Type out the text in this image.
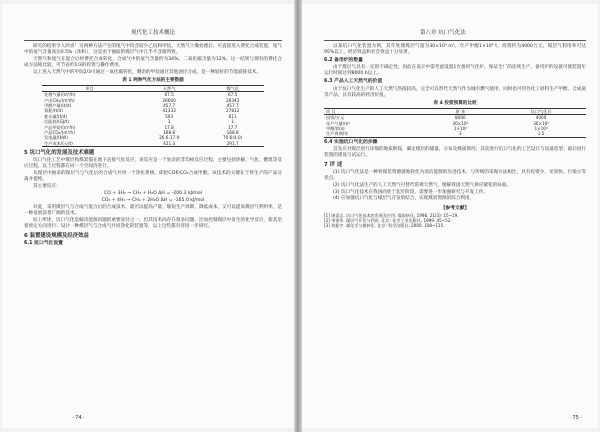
现代化工技术概论

研究的结果令人欣喜！这两种方法产生的尾气中均含较少乙烷和甲烷，天然气干燥处理后，可直接进入费托合成装置，尾气中的氢气含量高达0.5%（体积），这是由于抽取的煤层气中几乎不含硫所致。

天然气和尾气在混合后经费托合成转化，合成气中的氢气含量约为34%，二氧化碳含量为12%，这一结果与现有的费托合成方法相比较，可节省约1/3的投资与操作费用。

以上进入天然气中的甲烷2/3可通过一氧化碳转化，剩余的甲烷通过其他途径合成，是一种较好的节能减排技术。

表 1 两种气化方法的主要数据
项目	天然气	煤气化
处理气量/(m³/h)	67.5	67.5
产出CH₄/(m³/h)	26600	26343
甲醇产量/(t/d)	457.7	457.7
氧耗/(t/d)	41333	27812
耗水量/(t/d)	503	611
比能耗/(GJ/t)	1	1
产品甲烷/(m³/h)	17.8	17.7
产品CO₂/(m³/h)	168.8	168.8
发电量/(kW)	26.6,17.9	70.6(4.0)
生产成本/(元/t)	421.3	291.7
5 坑口气化的发展及技术难题

坑口气化工艺中煤层和煤炭都在地下直接气化反应，该反应是一个复杂的非均相反应过程，主要包括热解、气化、燃烧等反应过程，以上过程都在同一个空间内进行。

从煤层中抽采的煤层气与气化后的合成气共用一个净化系统，即把CO和CO₂合成甲醇。该技术的关键在于将生产的产品分离并提纯。

其主要反应：

CO + 3H₂ → CH₄ + H₂O ΔH = -206.3 kJ/mol
CO₂ + 4H₂ → CH₄ + 2H₂O ΔH = -165.0 kJ/mol

对此，采用煤层气与合成气混合后的合成技术，就可以提高产量，缩短生产周期、降低成本，又可以提高煤层气利用率，是一种发展前景广阔的技术。

综上所述，坑口气化是解决能源问题的重要途径之一，但其技术尚存在很多问题，比如控制煤层中发生的化学反应，使其沿着预定方向进行；设计一种煤层气与合成气共同净化的装置等，以上这些都有待进一步研究。

6 装置建设规模及经济效益
6.1 坑口气化设置
· 74 ·
第八章 坑口气化法

以某坑口气化装置为例，其年处理煤层气量为30×10⁴ m³，年产甲醇1×10⁴ t，投资约为4000万元，煤层气利用率可达95%以上，经济效益和社会效益十分显著。

6.2 备用炉的数量

由于煤层气具有一定的不确定性，因此在设计中需考虑设置1台备用气化炉，保证全厂的连续生产，备用炉的设置可使装置年运行时间达到8000 h以上。

6.3 产品人工天然气的价值

由于坑口气化生产的人工天然气热值较高，完全可以替代天然气作为城市燃气使用，同时也可用作化工原料生产甲醇、合成氨等产品，具有较高的经济价值。

表 4 投资预算的比较
项 目	原 来	坑口气化后
投资/万元	8000	4000
年产气量/m³	30×10⁴	30×10⁴
甲醇/(t/a)	1×10⁴	1×10⁴
生产周期/年	3	1.5
6.4 实施坑口气化的步骤

首先应对煤层进行详细的地质勘探，确定煤层的储量、分布及煤质情况；其次进行坑口气化的工艺设计与设备选型；最后进行装置的建设与试运行。

7 评 述

(1) 坑口气化法是一种将煤炭资源就地转化为清洁能源的先进技术，与传统的采煤方法相比，具有投资少、见效快、污染小等优点。

(2) 坑口气化法生产的人工天然气可替代常规天然气，缓解我国天然气供应紧张的局面。

(3) 坑口气化技术在我国尚处于起步阶段，需要进一步加强研究与开发工作。

(4) 应加强坑口气化与煤层气开发的结合，实现煤炭资源的综合利用。

[参考文献]
[1] 康雷志. 坑口气化技术的发展及应用. 煤炭转化, 1998, 21(3): 15~19.
[2] 李建华. 煤层气开发与利用. 北京: 化学工业出版社, 1999. 45~52.
[3] 刘振宇. 煤化学与煤转化. 北京: 科学出版社, 2000. 108~115.
· 75 ·
